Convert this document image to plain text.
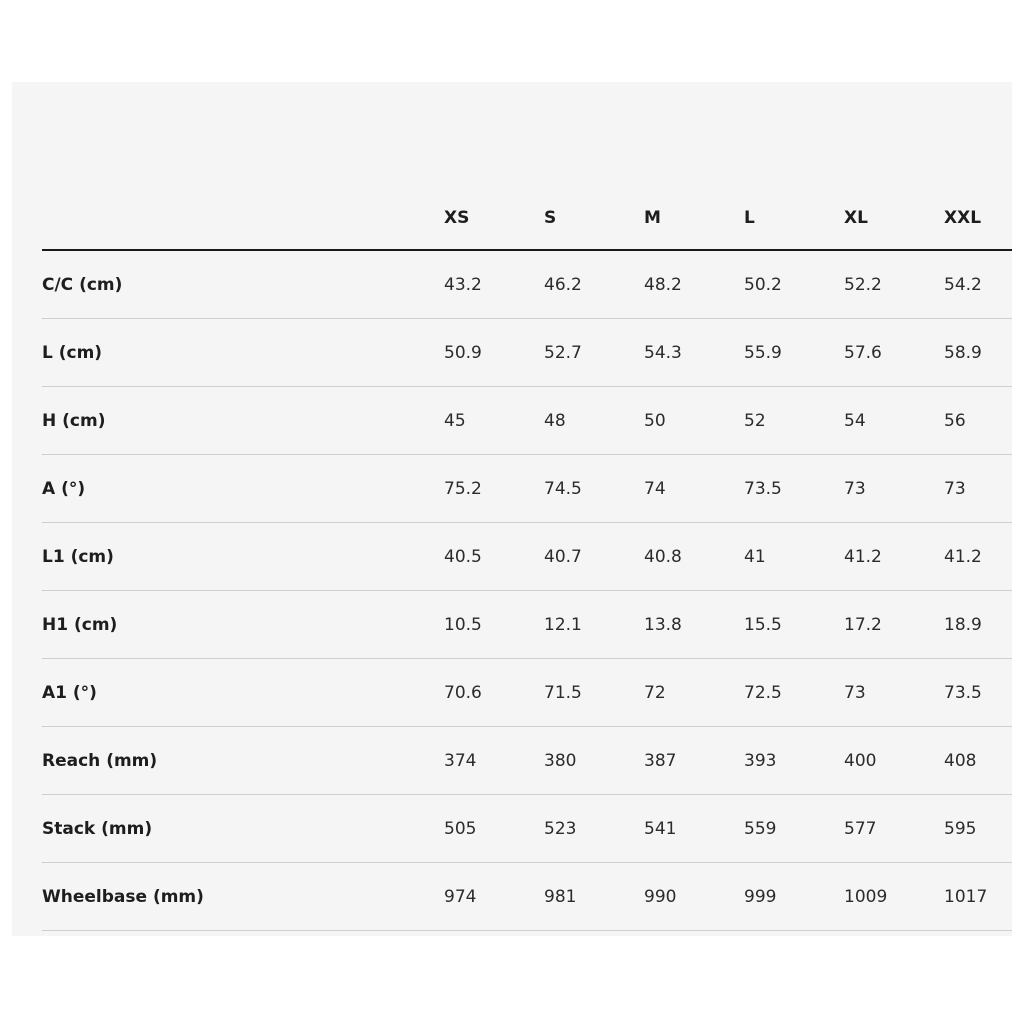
	XS	S	M	L	XL	XXL
C/C (cm)	43.2	46.2	48.2	50.2	52.2	54.2
L (cm)	50.9	52.7	54.3	55.9	57.6	58.9
H (cm)	45	48	50	52	54	56
A (°)	75.2	74.5	74	73.5	73	73
L1 (cm)	40.5	40.7	40.8	41	41.2	41.2
H1 (cm)	10.5	12.1	13.8	15.5	17.2	18.9
A1 (°)	70.6	71.5	72	72.5	73	73.5
Reach (mm)	374	380	387	393	400	408
Stack (mm)	505	523	541	559	577	595
Wheelbase (mm)	974	981	990	999	1009	1017
